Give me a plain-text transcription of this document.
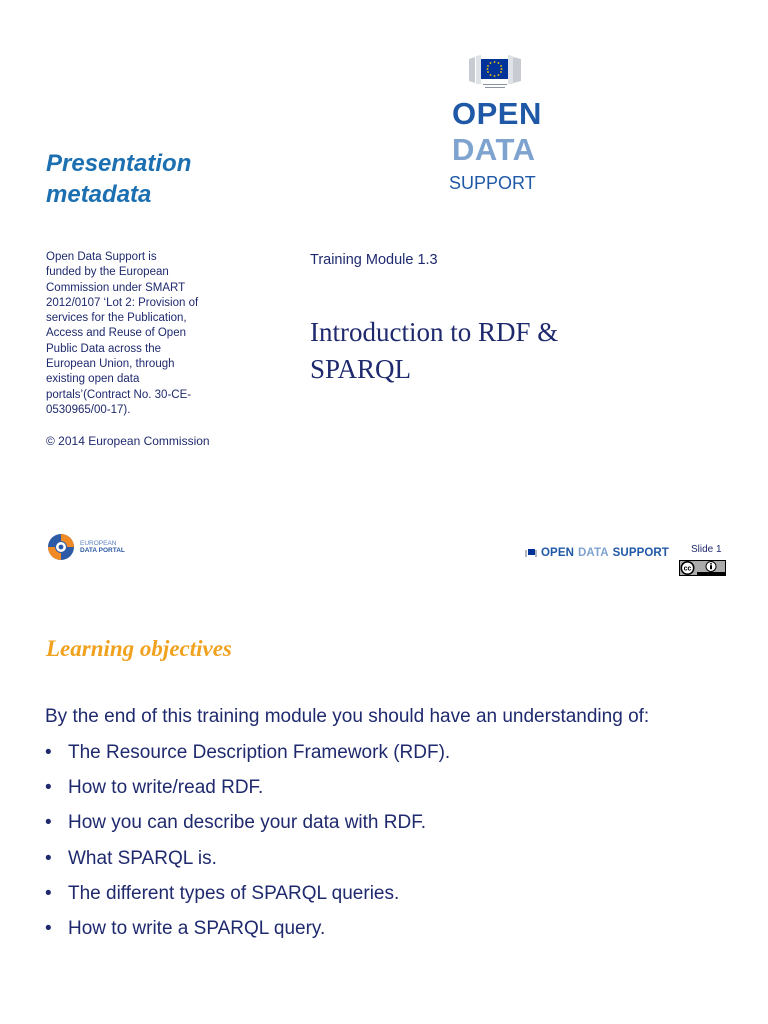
OPEN
DATA
SUPPORT
Presentation
metadata
Open Data Support is
funded by the European
Commission under SMART
2012/0107 ‘Lot 2: Provision of
services for the Publication,
Access and Reuse of Open
Public Data across the
European Union, through
existing open data
portals’(Contract No. 30-CE-
0530965/00-17).
© 2014 European Commission
Training Module 1.3
Introduction to RDF &
SPARQL
EUROPEAN
DATA PORTAL	OPEN DATA SUPPORT Slide 1
cc
Learning objectives
By the end of this training module you should have an understanding of:
• The Resource Description Framework (RDF).
• How to write/read RDF.
• How you can describe your data with RDF.
• What SPARQL is.
• The different types of SPARQL queries.
• How to write a SPARQL query.
